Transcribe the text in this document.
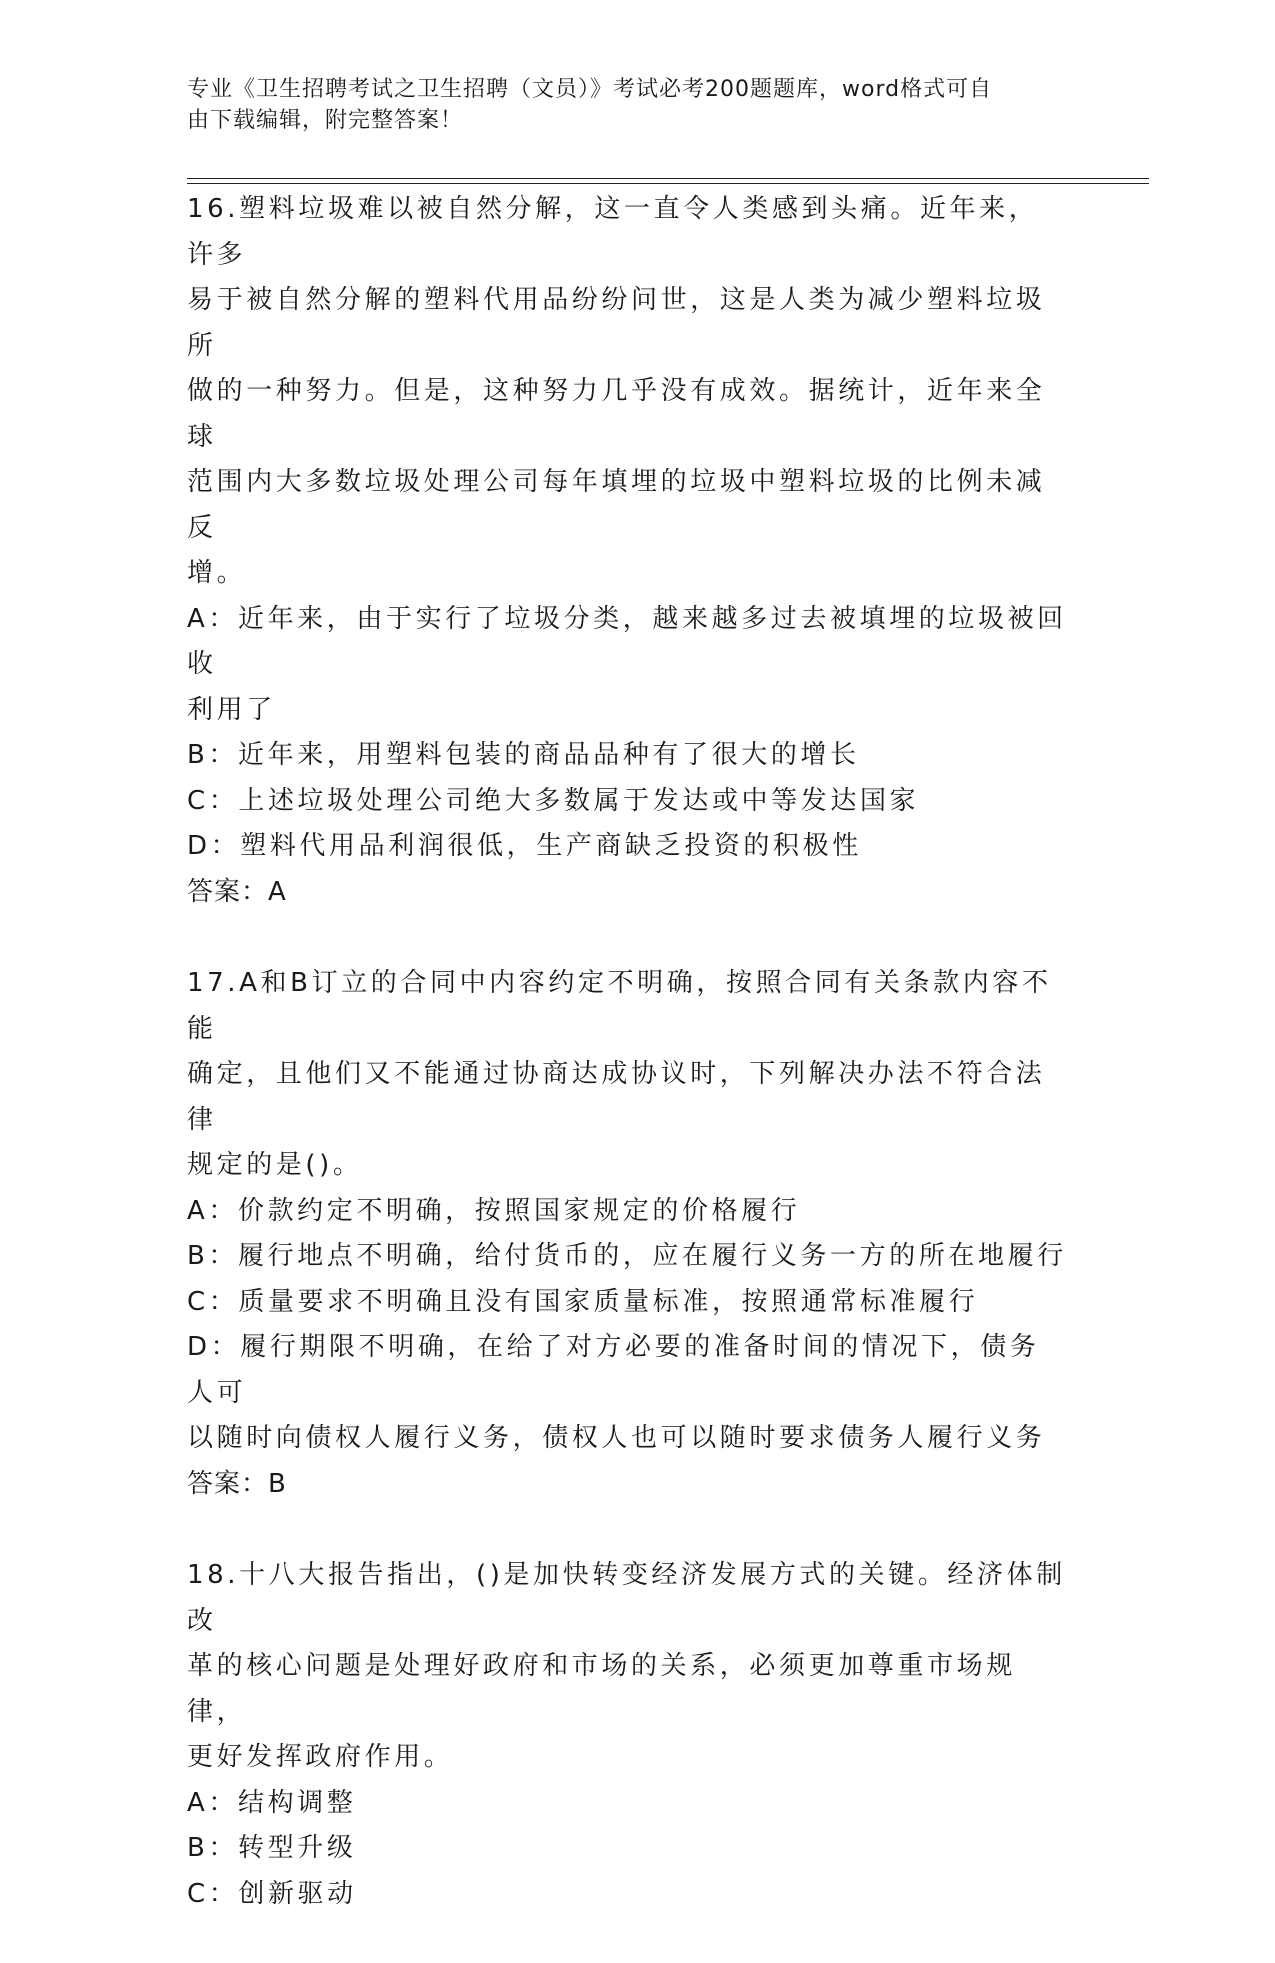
专业《卫生招聘考试之卫生招聘（文员）》考试必考200题题库，word格式可自
由下载编辑，附完整答案！

16.塑料垃圾难以被自然分解，这一直令人类感到头痛。近年来，许多

易于被自然分解的塑料代用品纷纷问世，这是人类为减少塑料垃圾所

做的一种努力。但是，这种努力几乎没有成效。据统计，近年来全球

范围内大多数垃圾处理公司每年填埋的垃圾中塑料垃圾的比例未减反

增。

A：近年来，由于实行了垃圾分类，越来越多过去被填埋的垃圾被回收

利用了

B：近年来，用塑料包装的商品品种有了很大的增长

C：上述垃圾处理公司绝大多数属于发达或中等发达国家

D：塑料代用品利润很低，生产商缺乏投资的积极性

答案：A

17.A和B订立的合同中内容约定不明确，按照合同有关条款内容不能

确定，且他们又不能通过协商达成协议时，下列解决办法不符合法律

规定的是()。

A：价款约定不明确，按照国家规定的价格履行

B：履行地点不明确，给付货币的，应在履行义务一方的所在地履行

C：质量要求不明确且没有国家质量标准，按照通常标准履行

D：履行期限不明确，在给了对方必要的准备时间的情况下，债务人可

以随时向债权人履行义务，债权人也可以随时要求债务人履行义务

答案：B

18.十八大报告指出，()是加快转变经济发展方式的关键。经济体制改

革的核心问题是处理好政府和市场的关系，必须更加尊重市场规律，

更好发挥政府作用。

A：结构调整

B：转型升级

C：创新驱动
